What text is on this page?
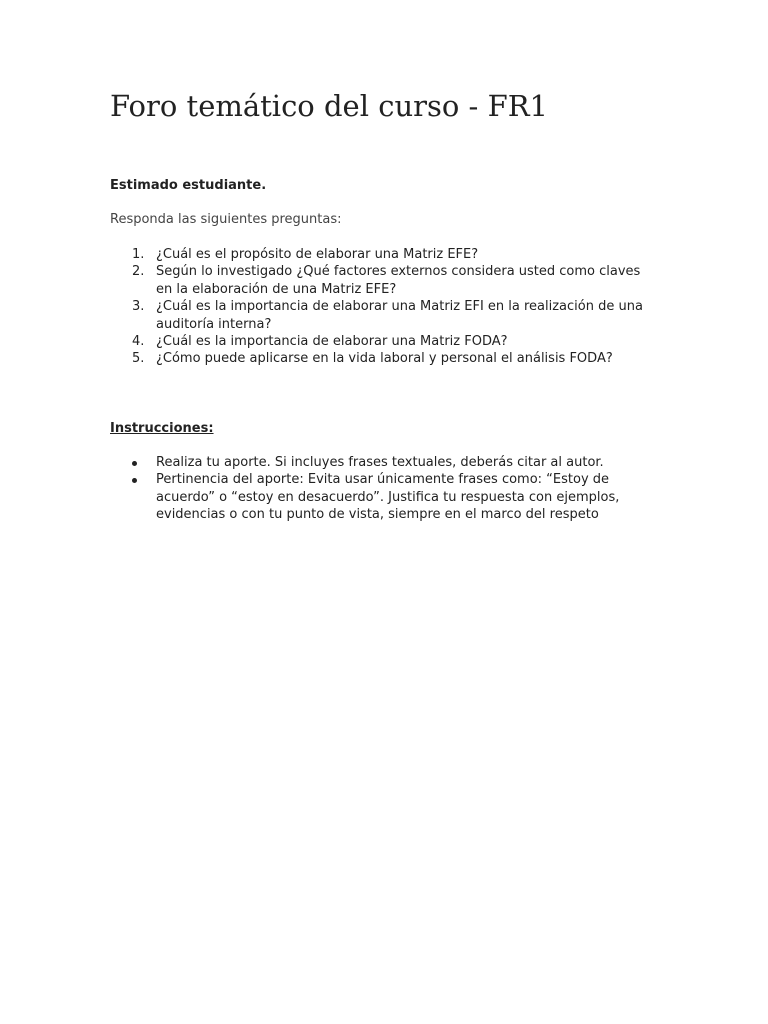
Foro temático del curso - FR1

Estimado estudiante.

Responda las siguientes preguntas:

1. ¿Cuál es el propósito de elaborar una Matriz EFE?
2. Según lo investigado ¿Qué factores externos considera usted como claves en la elaboración de una Matriz EFE?
3. ¿Cuál es la importancia de elaborar una Matriz EFI en la realización de una auditoría interna?
4. ¿Cuál es la importancia de elaborar una Matriz FODA?
5. ¿Cómo puede aplicarse en la vida laboral y personal el análisis FODA?

Instrucciones:

Realiza tu aporte. Si incluyes frases textuales, deberás citar al autor.
Pertinencia del aporte: Evita usar únicamente frases como: “Estoy de acuerdo” o “estoy en desacuerdo”. Justifica tu respuesta con ejemplos, evidencias o con tu punto de vista, siempre en el marco del respeto
